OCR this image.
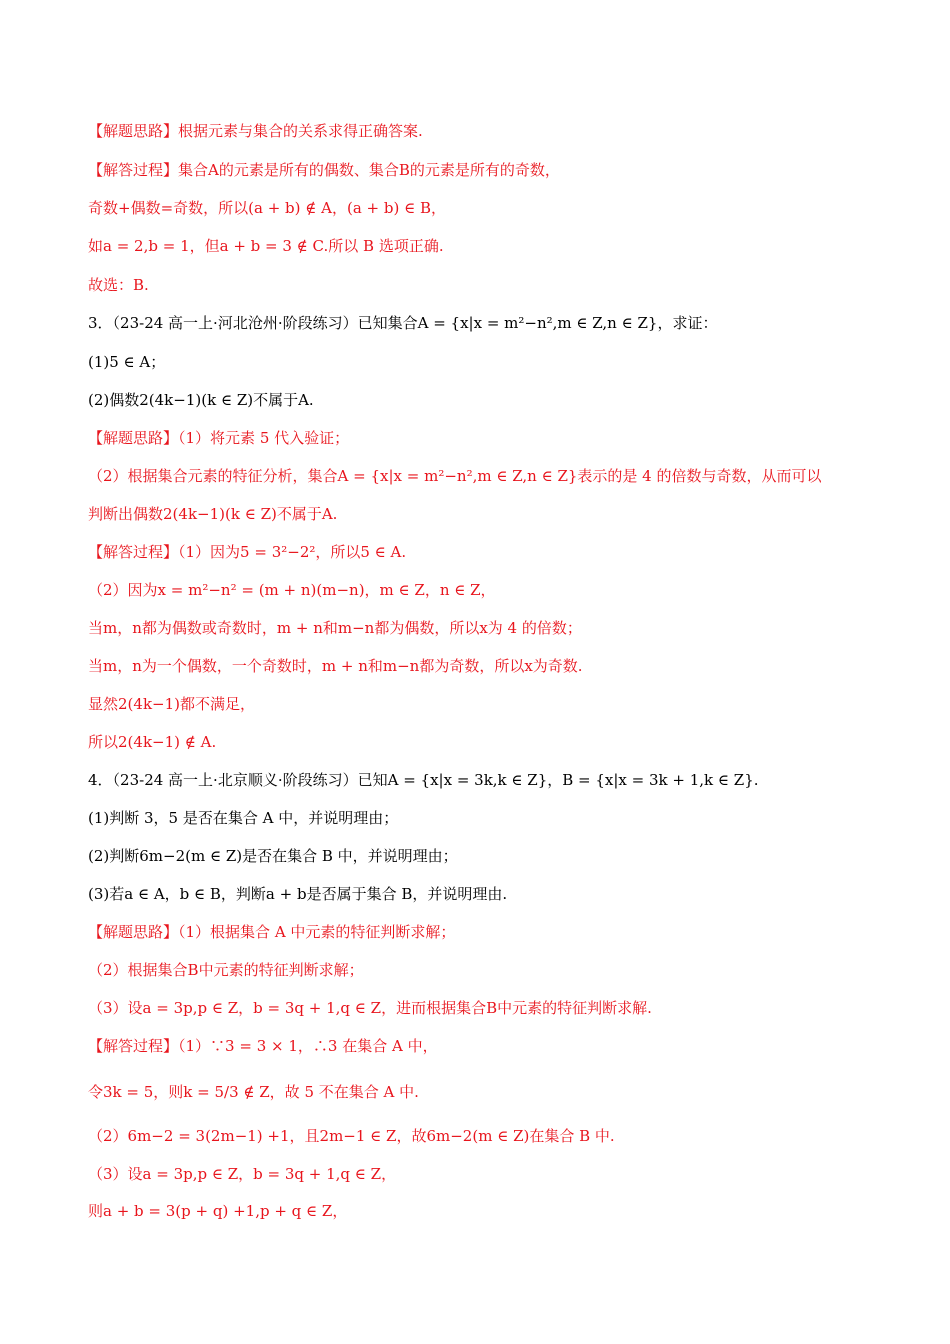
【解题思路】根据元素与集合的关系求得正确答案.
【解答过程】集合A的元素是所有的偶数、集合B的元素是所有的奇数，
奇数+偶数=奇数，所以(a + b) ∉ A，(a + b) ∈ B，
如a = 2,b = 1，但a + b = 3 ∉ C.所以 B 选项正确.
故选：B.
3．（23-24 高一上·河北沧州·阶段练习）已知集合A = {x|x = m²−n²,m ∈ Z,n ∈ Z}，求证：
(1)5 ∈ A；
(2)偶数2(4k−1)(k ∈ Z)不属于A.
【解题思路】（1）将元素 5 代入验证；
（2）根据集合元素的特征分析，集合A = {x|x = m²−n²,m ∈ Z,n ∈ Z}表示的是 4 的倍数与奇数，从而可以
判断出偶数2(4k−1)(k ∈ Z)不属于A.
【解答过程】（1）因为5 = 3²−2²，所以5 ∈ A.
（2）因为x = m²−n² = (m + n)(m−n)，m ∈ Z，n ∈ Z，
当m，n都为偶数或奇数时，m + n和m−n都为偶数，所以x为 4 的倍数；
当m，n为一个偶数，一个奇数时，m + n和m−n都为奇数，所以x为奇数.
显然2(4k−1)都不满足，
所以2(4k−1) ∉ A.
4．（23-24 高一上·北京顺义·阶段练习）已知A = {x|x = 3k,k ∈ Z}，B = {x|x = 3k + 1,k ∈ Z}.
(1)判断 3，5 是否在集合 A 中，并说明理由；
(2)判断6m−2(m ∈ Z)是否在集合 B 中，并说明理由；
(3)若a ∈ A，b ∈ B，判断a + b是否属于集合 B，并说明理由.
【解题思路】（1）根据集合 A 中元素的特征判断求解；
（2）根据集合B中元素的特征判断求解；
（3）设a = 3p,p ∈ Z，b = 3q + 1,q ∈ Z，进而根据集合B中元素的特征判断求解.
【解答过程】（1）∵3 = 3 × 1，∴3 在集合 A 中，
令3k = 5，则k = 5/3 ∉ Z，故 5 不在集合 A 中.
（2）6m−2 = 3(2m−1) +1，且2m−1 ∈ Z，故6m−2(m ∈ Z)在集合 B 中.
（3）设a = 3p,p ∈ Z，b = 3q + 1,q ∈ Z，
则a + b = 3(p + q) +1,p + q ∈ Z，
